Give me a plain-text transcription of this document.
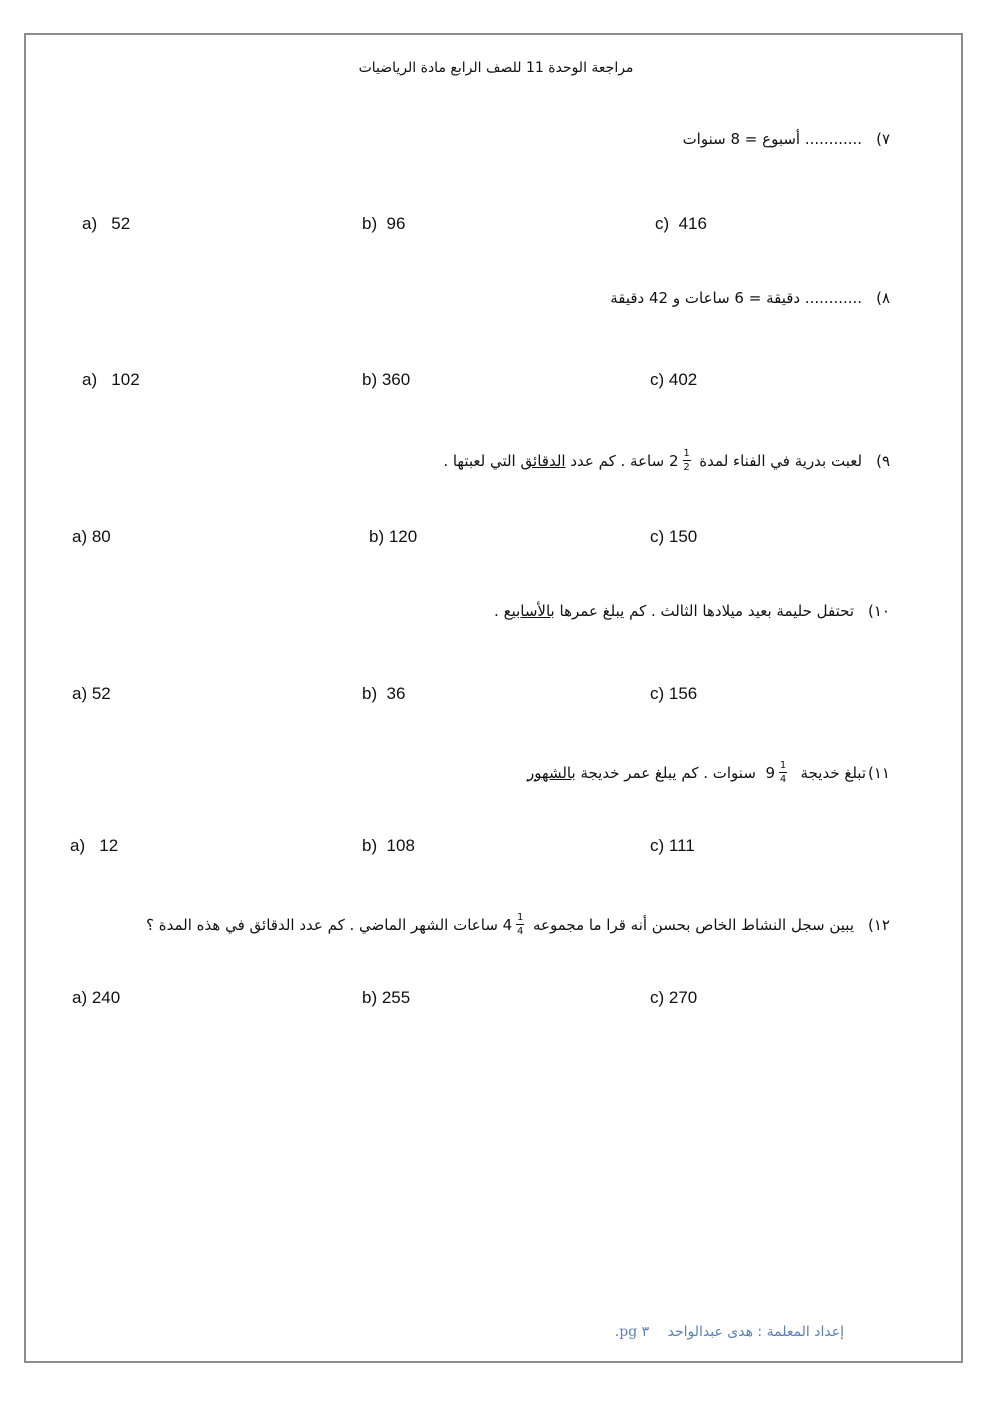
مراجعة الوحدة 11 للصف الرابع مادة الرياضيات
٧)
............ أسبوع = 8 سنوات
a)   52	b)  96	c)  416
٨)
............ دقيقة = 6 ساعات و 42 دقيقة
a)   102	b) 360	c) 402
٩)
لعبت بدرية في الفناء لمدة

$2 \frac{1}{2}$

ساعة . كم عدد

الدقائق

التي لعبتها .
a) 80	b) 120	c) 150
١٠)
تحتفل حليمة بعيد ميلادها الثالث . كم يبلغ عمرها

بالأسابيع

.
a) 52	b)  36	c) 156
١١)
تبلغ خديجة

$9 \frac{1}{4}$

سنوات . كم يبلغ عمر خديجة

بالشهور
a)   12	b)  108	c) 111
١٢)
يبين سجل النشاط الخاص بحسن أنه قرا ما مجموعه

$4 \frac{1}{4}$

ساعات الشهر الماضي . كم عدد الدقائق في هذه المدة ؟
a) 240	b) 255	c) 270
إعداد المعلمة : هدى عبدالواحد ٣ pg.
